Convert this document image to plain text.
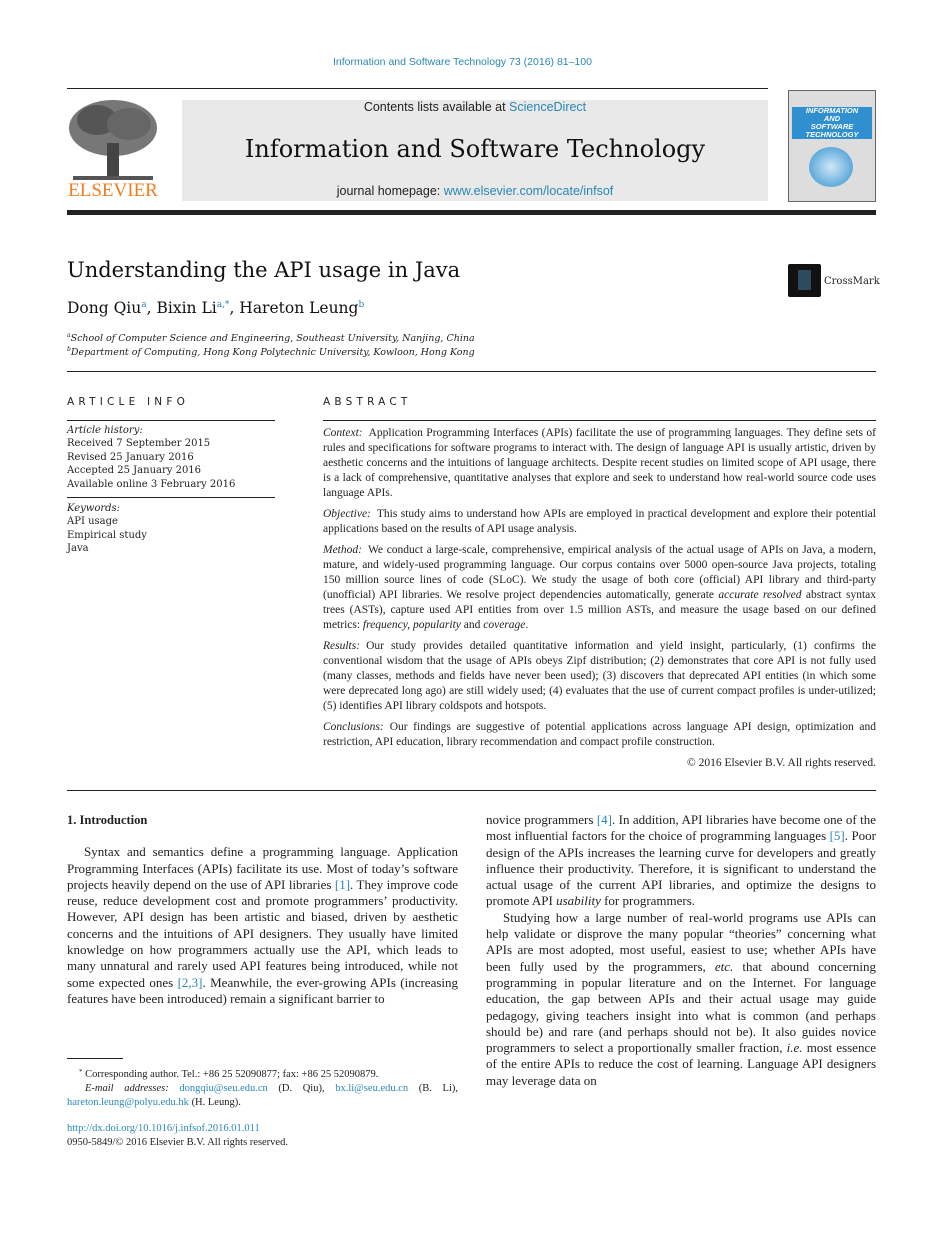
Information and Software Technology 73 (2016) 81–100
ELSEVIER
Contents lists available at ScienceDirect
Information and Software Technology
journal homepage: www.elsevier.com/locate/infsof
INFORMATION
AND
SOFTWARE
TECHNOLOGY
Understanding the API usage in Java	CrossMark
Dong Qiu$^a$, Bixin $Li^{a,*}$, Hareton Leung$^b$
$^a$School of Computer Science and Engineering, Southeast University, Nanjing, China
$^b$Department of Computing, Hong Kong Polytechnic University, Kowloon, Hong Kong
ARTICLE INFO
Article history:
Received 7 September 2015
Revised 25 January 2016
Accepted 25 January 2016
Available online 3 February 2016
Keywords:
API usage
Empirical study
Java
ABSTRACT

Context: Application Programming Interfaces (APIs) facilitate the use of programming languages. They define sets of rules and specifications for software programs to interact with. The design of language API is usually artistic, driven by aesthetic concerns and the intuitions of language architects. Despite recent studies on limited scope of API usage, there is a lack of comprehensive, quantitative analyses that explore and seek to understand how real-world source code uses language APIs.

Objective: This study aims to understand how APIs are employed in practical development and explore their potential applications based on the results of API usage analysis.

Method: We conduct a large-scale, comprehensive, empirical analysis of the actual usage of APIs on Java, a modern, mature, and widely-used programming language. Our corpus contains over 5000 open-source Java projects, totaling 150 million source lines of code (SLoC). We study the usage of both core (official) API library and third-party (unofficial) API libraries. We resolve project dependencies automatically, generate accurate resolved abstract syntax trees (ASTs), capture used API entities from over 1.5 million ASTs, and measure the usage based on our defined metrics: frequency, popularity and coverage.

Results: Our study provides detailed quantitative information and yield insight, particularly, (1) confirms the conventional wisdom that the usage of APIs obeys Zipf distribution; (2) demonstrates that core API is not fully used (many classes, methods and fields have never been used); (3) discovers that deprecated API entities (in which some were deprecated long ago) are still widely used; (4) evaluates that the use of current compact profiles is under-utilized; (5) identifies API library coldspots and hotspots.

Conclusions: Our findings are suggestive of potential applications across language API design, optimization and restriction, API education, library recommendation and compact profile construction.

© 2016 Elsevier B.V. All rights reserved.
1. Introduction

Syntax and semantics define a programming language. Application Programming Interfaces (APIs) facilitate its use. Most of today’s software projects heavily depend on the use of API libraries [1]. They improve code reuse, reduce development cost and promote programmers’ productivity. However, API design has been artistic and biased, driven by aesthetic concerns and the intuitions of API designers. They usually have limited knowledge on how programmers actually use the API, which leads to many unnatural and rarely used API features being introduced, while not some expected ones [2,3]. Meanwhile, the ever-growing APIs (increasing features have been introduced) remain a significant barrier to

novice programmers [4]. In addition, API libraries have become one of the most influential factors for the choice of programming languages [5]. Poor design of the APIs increases the learning curve for developers and greatly influence their productivity. Therefore, it is significant to understand the actual usage of the current API libraries, and optimize the designs to promote API usability for programmers.

Studying how a large number of real-world programs use APIs can help validate or disprove the many popular “theories” concerning what APIs are most adopted, most useful, easiest to use; whether APIs have been fully used by the programmers, etc. that abound concerning programming in popular literature and on the Internet. For language education, the gap between APIs and their actual usage may guide pedagogy, giving teachers insight into what is common (and perhaps should be) and rare (and perhaps should not be). It also guides novice programmers to select a proportionally smaller fraction, i.e. most essence of the entire APIs to reduce the cost of learning. Language API designers may leverage data on

* Corresponding author. Tel.: +86 25 52090877; fax: +86 25 52090879.

E-mail addresses: dongqiu@seu.edu.cn (D. Qiu), bx.li@seu.edu.cn (B. Li), hareton.leung@polyu.edu.hk (H. Leung).

http://dx.doi.org/10.1016/j.infsof.2016.01.011

0950-5849/© 2016 Elsevier B.V. All rights reserved.
